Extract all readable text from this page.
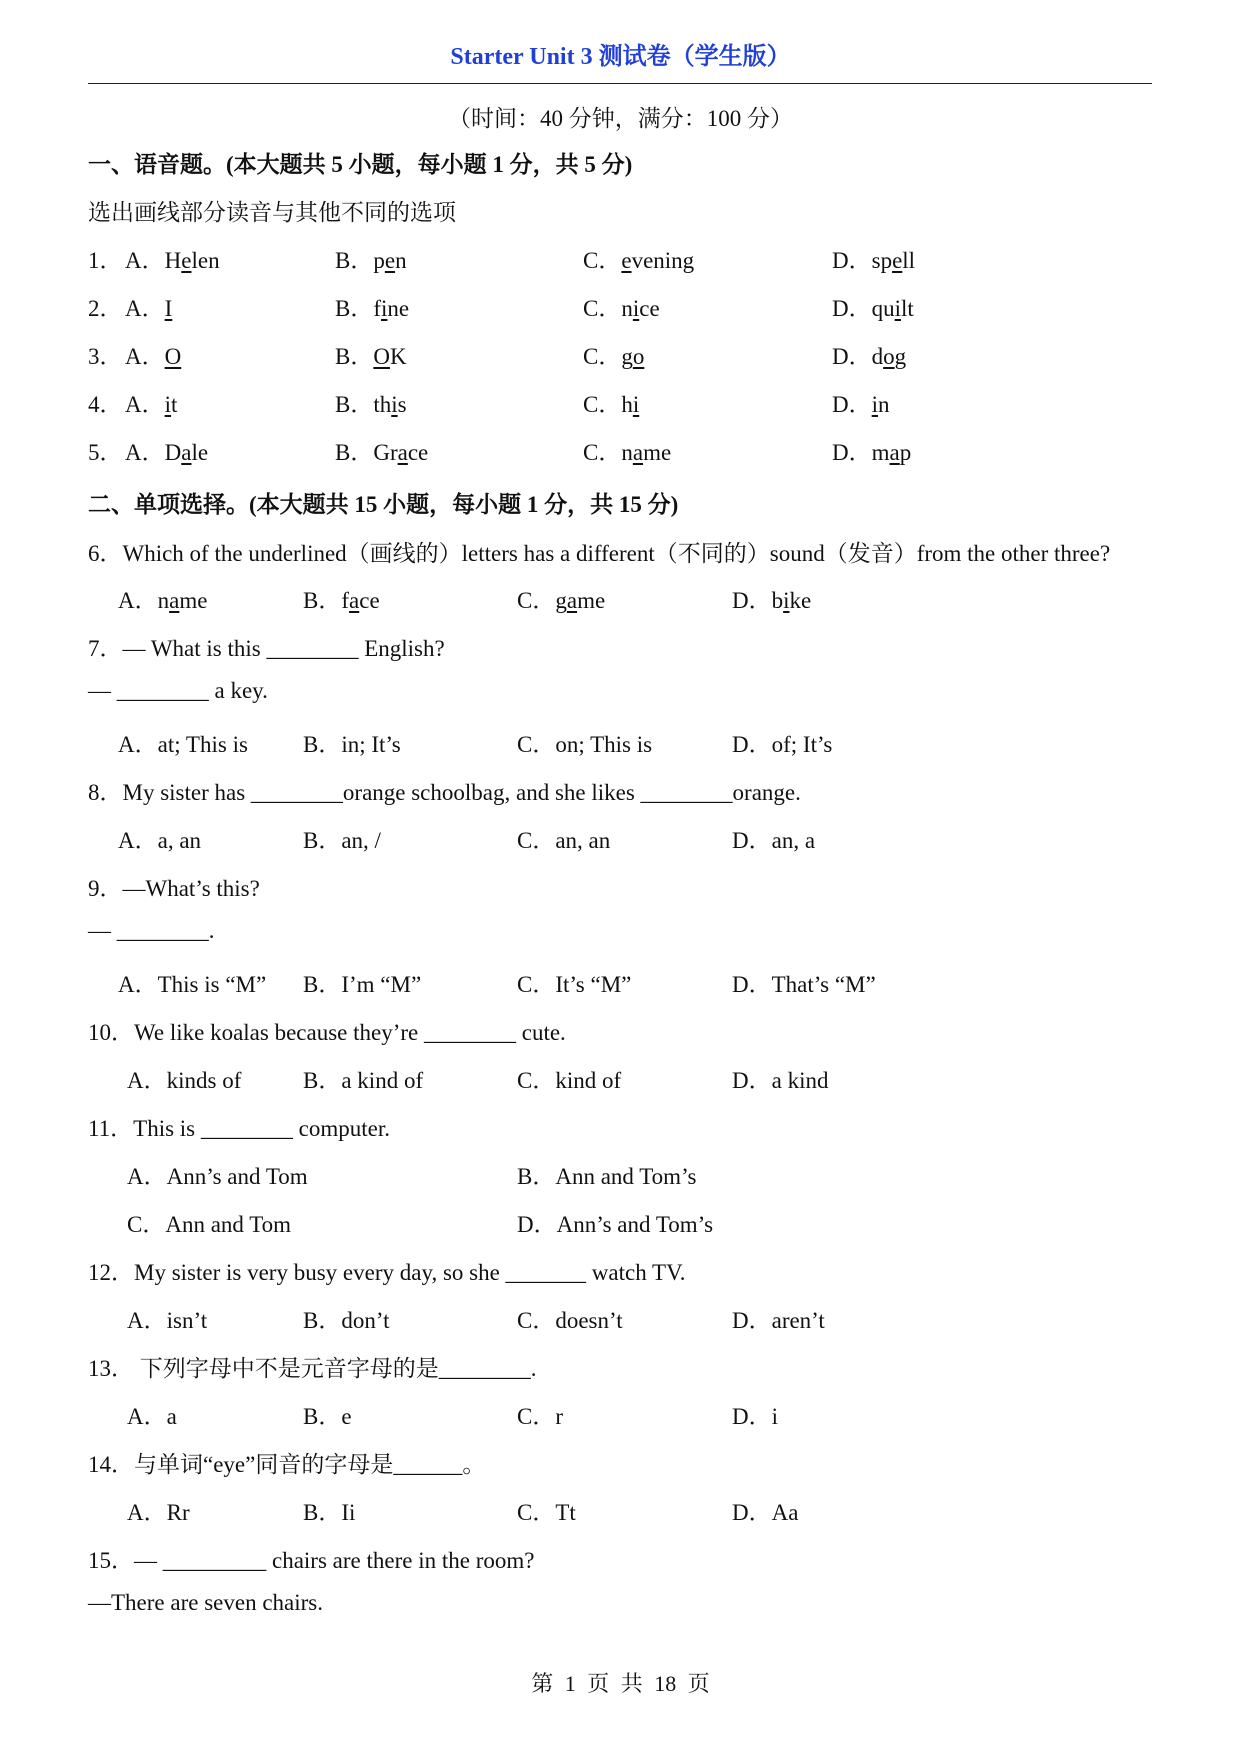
Starter Unit 3 测试卷（学生版）
（时间：40 分钟，满分：100 分）
一、语音题。(本大题共 5 小题，每小题 1 分，共 5 分)
选出画线部分读音与其他不同的选项
1． A．Helen	B．pen	C．evening	D．spell
2． A．I	B．fine	C．nice	D．quilt
3． A．O	B．OK	C．go	D．dog
4． A．it	B．this	C．hi	D．in
5． A．Dale	B．Grace	C．name	D．map
二、单项选择。(本大题共 15 小题，每小题 1 分，共 15 分)
6．Which of the underlined（画线的）letters has a different（不同的）sound（发音）from the other three?
A．name	B．face	C．game	D．bike
7．— What is this ________ English?
— ________ a key.
A．at; This is B．in; It’s	C．on; This is	D．of; It’s
8．My sister has ________orange schoolbag, and she likes ________orange.
A．a, an	B．an, /	C．an, an	D．an, a
9．—What’s this?
— ________.
A．This is “M” B．I’m “M”	C．It’s “M”	D．That’s “M”
10．We like koalas because they’re ________ cute.
A．kinds of	B．a kind of	C．kind of	D．a kind
11．This is ________ computer.
A．Ann’s and Tom	B．Ann and Tom’s
C．Ann and Tom	D．Ann’s and Tom’s
12．My sister is very busy every day, so she _______ watch TV.
A．isn’t	B．don’t	C．doesn’t	D．aren’t
13． 下列字母中不是元音字母的是________.
A．a	B．e	C．r	D．i
14．与单词“eye”同音的字母是______。
A．Rr	B．Ii	C．Tt	D．Aa
15．— _________ chairs are there in the room?
—There are seven chairs.
第 1 页 共 18 页
